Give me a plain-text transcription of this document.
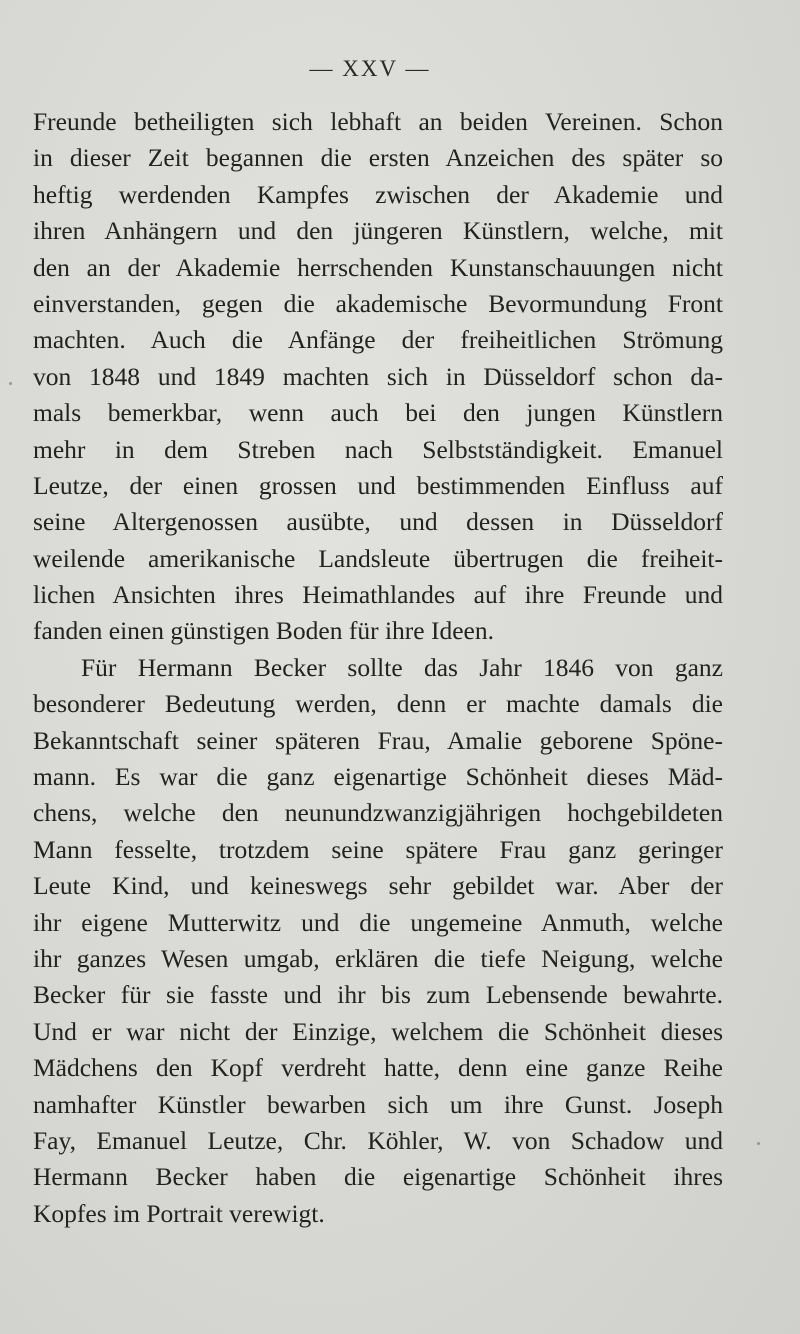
— XXV —
Freunde betheiligten sich lebhaft an beiden Vereinen. Schon
in dieser Zeit begannen die ersten Anzeichen des später so
heftig werdenden Kampfes zwischen der Akademie und
ihren Anhängern und den jüngeren Künstlern, welche, mit
den an der Akademie herrschenden Kunstanschauungen nicht
einverstanden, gegen die akademische Bevormundung Front
machten. Auch die Anfänge der freiheitlichen Strömung
von 1848 und 1849 machten sich in Düsseldorf schon da-
mals bemerkbar, wenn auch bei den jungen Künstlern
mehr in dem Streben nach Selbstständigkeit. Emanuel
Leutze, der einen grossen und bestimmenden Einfluss auf
seine Altergenossen ausübte, und dessen in Düsseldorf
weilende amerikanische Landsleute übertrugen die freiheit-
lichen Ansichten ihres Heimathlandes auf ihre Freunde und
fanden einen günstigen Boden für ihre Ideen.
Für Hermann Becker sollte das Jahr 1846 von ganz
besonderer Bedeutung werden, denn er machte damals die
Bekanntschaft seiner späteren Frau, Amalie geborene Spöne-
mann. Es war die ganz eigenartige Schönheit dieses Mäd-
chens, welche den neunundzwanzigjährigen hochgebildeten
Mann fesselte, trotzdem seine spätere Frau ganz geringer
Leute Kind, und keineswegs sehr gebildet war. Aber der
ihr eigene Mutterwitz und die ungemeine Anmuth, welche
ihr ganzes Wesen umgab, erklären die tiefe Neigung, welche
Becker für sie fasste und ihr bis zum Lebensende bewahrte.
Und er war nicht der Einzige, welchem die Schönheit dieses
Mädchens den Kopf verdreht hatte, denn eine ganze Reihe
namhafter Künstler bewarben sich um ihre Gunst. Joseph
Fay, Emanuel Leutze, Chr. Köhler, W. von Schadow und
Hermann Becker haben die eigenartige Schönheit ihres
Kopfes im Portrait verewigt.
